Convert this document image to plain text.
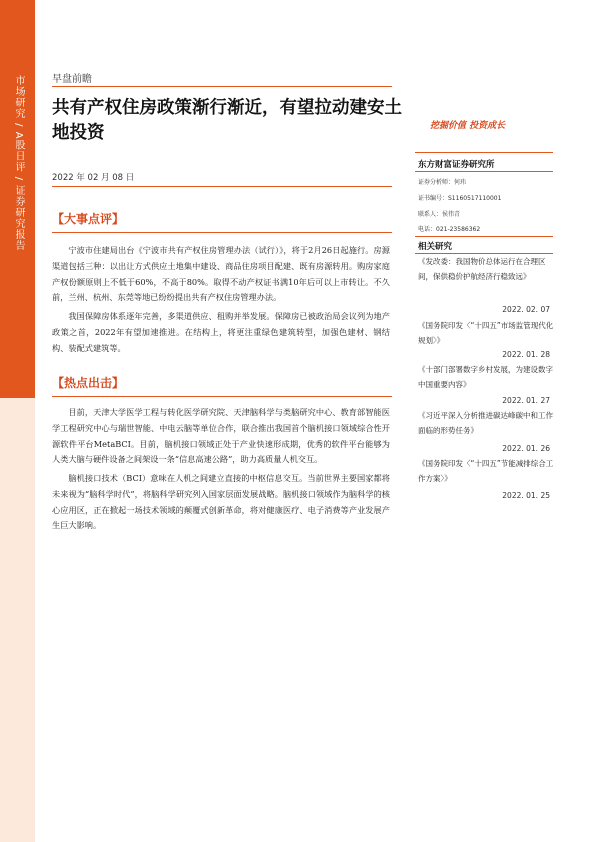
市场研究 / A股日评 / 证券研究报告	早盘前瞻
共有产权住房政策渐行渐近，有望拉动建安土地投资	挖掘价值 投资成长
2022 年 02 月 08 日
东方财富证券研究所
证券分析师：何玮
证书编号：S1160517110001
联系人：侯伟青
电话：021-23586362
相关研究
《发改委：我国物价总体运行在合理区间，保供稳价护航经济行稳致远》
2022. 02. 07
《国务院印发〈“十四五”市场监管现代化规划〉》
2022. 01. 28
《十部门部署数字乡村发展，为建设数字中国重要内容》
2022. 01. 27
《习近平深入分析推进碳达峰碳中和工作面临的形势任务》
2022. 01. 26
《国务院印发〈“十四五”节能减排综合工作方案〉》
2022. 01. 25
【大事点评】

宁波市住建局出台《宁波市共有产权住房管理办法（试行）》，将于2月26日起施行。房源渠道包括三种：以出让方式供应土地集中建设、商品住房项目配建、既有房源转用。购房家庭产权份额原则上不低于60%，不高于80%。取得不动产权证书满10年后可以上市转让。不久前，兰州、杭州、东莞等地已纷纷提出共有产权住房管理办法。

我国保障房体系逐年完善，多渠道供应、租购并举发展。保障房已被政治局会议列为地产政策之首，2022年有望加速推进。在结构上，将更注重绿色建筑转型，加强色建材、钢结构、装配式建筑等。

【热点出击】

目前，天津大学医学工程与转化医学研究院、天津脑科学与类脑研究中心、教育部智能医学工程研究中心与瑞世智能、中电云脑等单位合作，联合推出我国首个脑机接口领域综合性开源软件平台MetaBCI。目前，脑机接口领域正处于产业快速形成期，优秀的软件平台能够为人类大脑与硬件设备之间架设一条“信息高速公路”，助力高质量人机交互。

脑机接口技术（BCI）意味在人机之间建立直接的中枢信息交互。当前世界主要国家都将未来视为“脑科学时代”，将脑科学研究列入国家层面发展战略。脑机接口领域作为脑科学的核心应用区，正在掀起一场技术领域的颠覆式创新革命，将对健康医疗、电子消费等产业发展产生巨大影响。
